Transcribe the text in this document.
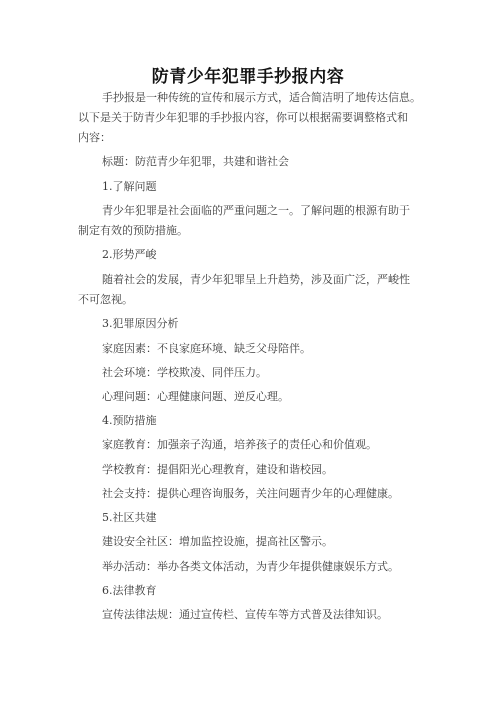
防青少年犯罪手抄报内容
手抄报是一种传统的宣传和展示方式，适合简洁明了地传达信息。
以下是关于防青少年犯罪的手抄报内容，你可以根据需要调整格式和
内容：
标题：防范青少年犯罪，共建和谐社会
1.了解问题
青少年犯罪是社会面临的严重问题之一。了解问题的根源有助于
制定有效的预防措施。
2.形势严峻
随着社会的发展，青少年犯罪呈上升趋势，涉及面广泛，严峻性
不可忽视。
3.犯罪原因分析
家庭因素：不良家庭环境、缺乏父母陪伴。
社会环境：学校欺凌、同伴压力。
心理问题：心理健康问题、逆反心理。
4.预防措施
家庭教育：加强亲子沟通，培养孩子的责任心和价值观。
学校教育：提倡阳光心理教育，建设和谐校园。
社会支持：提供心理咨询服务，关注问题青少年的心理健康。
5.社区共建
建设安全社区：增加监控设施，提高社区警示。
举办活动：举办各类文体活动，为青少年提供健康娱乐方式。
6.法律教育
宣传法律法规：通过宣传栏、宣传车等方式普及法律知识。
